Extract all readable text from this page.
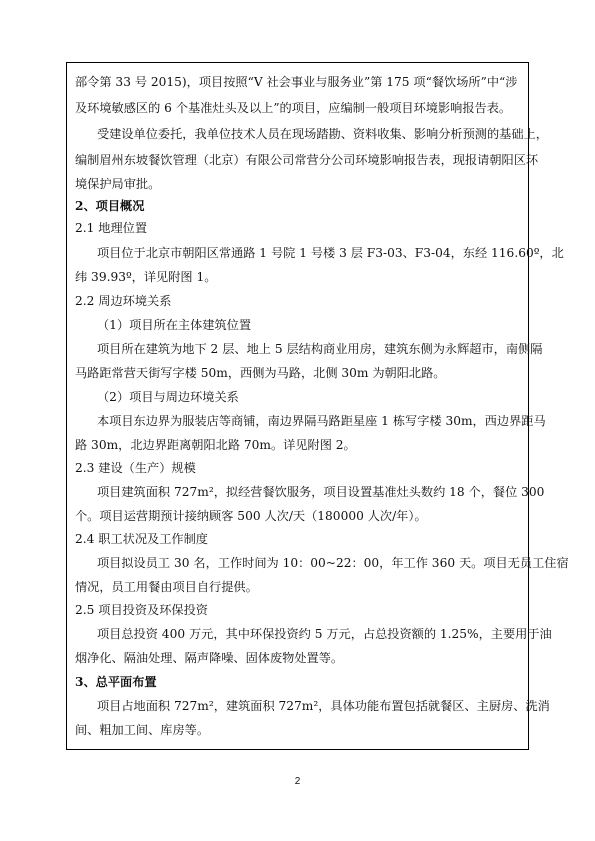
部令第 33 号 2015)，项目按照“V 社会事业与服务业”第 175 项“餐饮场所”中“涉
及环境敏感区的 6 个基准灶头及以上”的项目，应编制一般项目环境影响报告表。
受建设单位委托，我单位技术人员在现场踏勘、资料收集、影响分析预测的基础上，
编制眉州东坡餐饮管理（北京）有限公司常营分公司环境影响报告表，现报请朝阳区环
境保护局审批。
2、项目概况
2.1 地理位置
项目位于北京市朝阳区常通路 1 号院 1 号楼 3 层 F3-03、F3-04，东经 116.60º，北
纬 39.93º，详见附图 1。
2.2 周边环境关系
（1）项目所在主体建筑位置
项目所在建筑为地下 2 层、地上 5 层结构商业用房，建筑东侧为永辉超市，南侧隔
马路距常营天街写字楼 50m，西侧为马路，北侧 30m 为朝阳北路。
（2）项目与周边环境关系
本项目东边界为服装店等商铺，南边界隔马路距星座 1 栋写字楼 30m，西边界距马
路 30m，北边界距离朝阳北路 70m。详见附图 2。
2.3 建设（生产）规模
项目建筑面积 727m²，拟经营餐饮服务，项目设置基准灶头数约 18 个，餐位 300
个。项目运营期预计接纳顾客 500 人次/天（180000 人次/年）。
2.4 职工状况及工作制度
项目拟设员工 30 名，工作时间为 10：00~22：00，年工作 360 天。项目无员工住宿
情况，员工用餐由项目自行提供。
2.5 项目投资及环保投资
项目总投资 400 万元，其中环保投资约 5 万元，占总投资额的 1.25%，主要用于油
烟净化、隔油处理、隔声降噪、固体废物处置等。
3、总平面布置
项目占地面积 727m²，建筑面积 727m²，具体功能布置包括就餐区、主厨房、洗消
间、粗加工间、库房等。
2
